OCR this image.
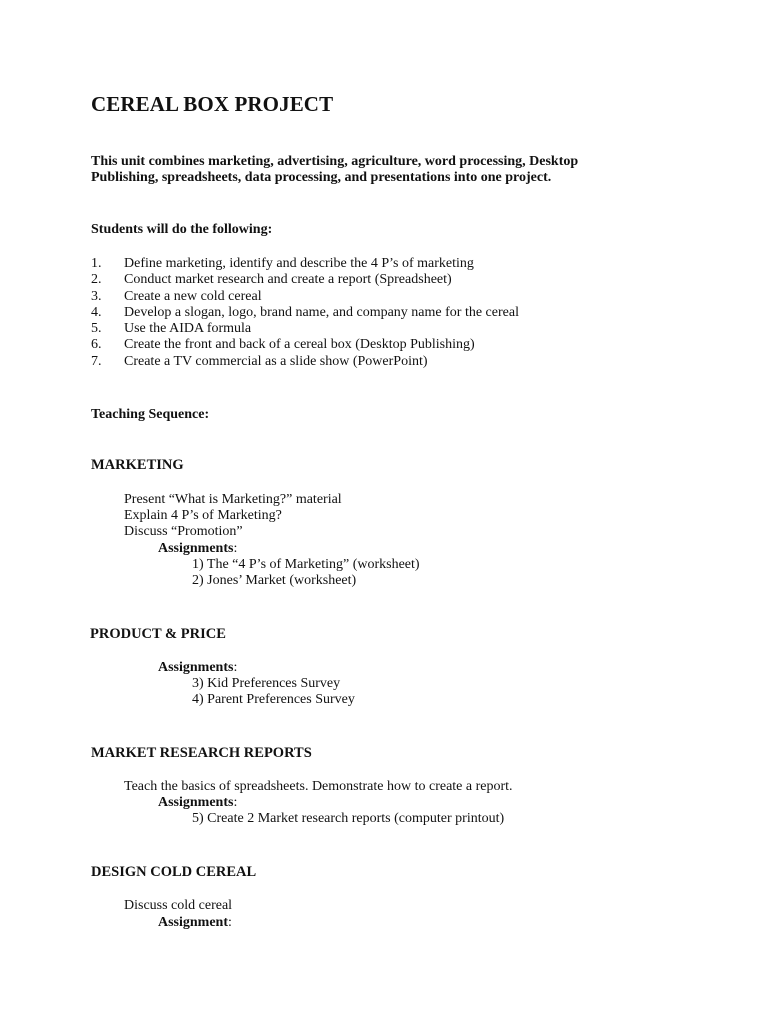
CEREAL BOX PROJECT
This unit combines marketing, advertising, agriculture, word processing, Desktop
Publishing, spreadsheets, data processing, and presentations into one project.
Students will do the following:
1. Define marketing, identify and describe the 4 P’s of marketing
2. Conduct market research and create a report (Spreadsheet)
3. Create a new cold cereal
4. Develop a slogan, logo, brand name, and company name for the cereal
5. Use the AIDA formula
6. Create the front and back of a cereal box (Desktop Publishing)
7. Create a TV commercial as a slide show (PowerPoint)
Teaching Sequence:
MARKETING
Present “What is Marketing?” material
Explain 4 P’s of Marketing?
Discuss “Promotion”
Assignments:
1) The “4 P’s of Marketing” (worksheet)
2) Jones’ Market (worksheet)
PRODUCT & PRICE
Assignments:
3) Kid Preferences Survey
4) Parent Preferences Survey
MARKET RESEARCH REPORTS
Teach the basics of spreadsheets. Demonstrate how to create a report.
Assignments:
5) Create 2 Market research reports (computer printout)
DESIGN COLD CEREAL
Discuss cold cereal
Assignment:
